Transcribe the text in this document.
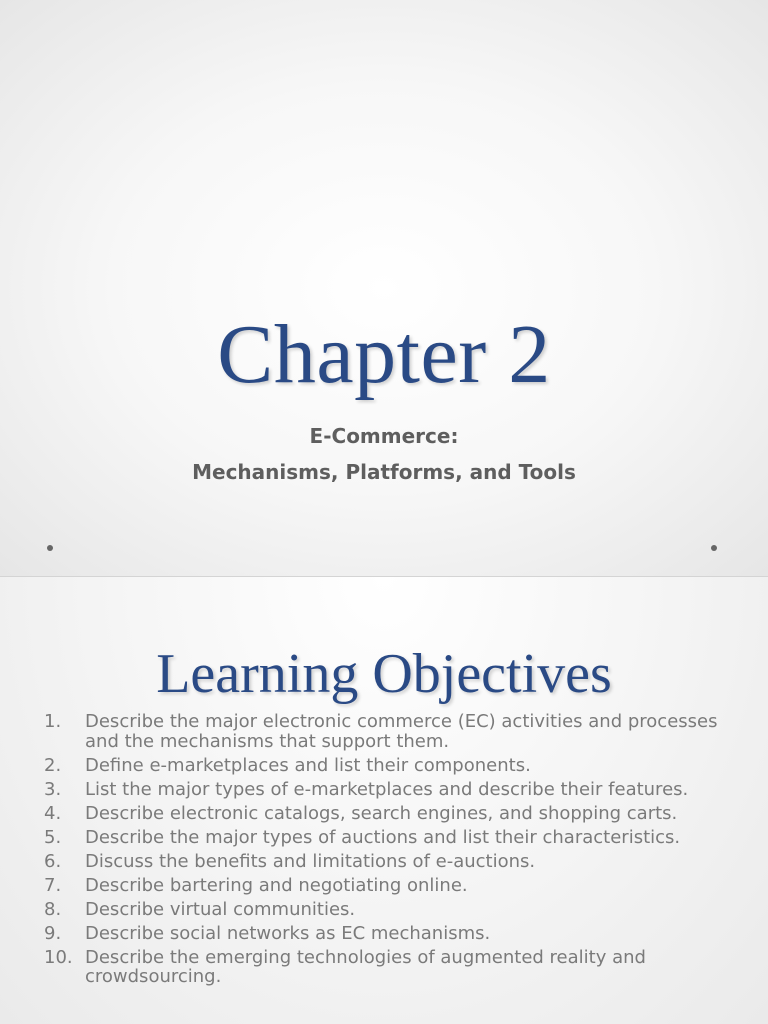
Chapter 2
E-Commerce:
Mechanisms, Platforms, and Tools
Learning Objectives
1. Describe the major electronic commerce (EC) activities and processes and the mechanisms that support them.
2. Define e-marketplaces and list their components.
3. List the major types of e-marketplaces and describe their features.
4. Describe electronic catalogs, search engines, and shopping carts.
5. Describe the major types of auctions and list their characteristics.
6. Discuss the benefits and limitations of e-auctions.
7. Describe bartering and negotiating online.
8. Describe virtual communities.
9. Describe social networks as EC mechanisms.
10. Describe the emerging technologies of augmented reality and crowdsourcing.
